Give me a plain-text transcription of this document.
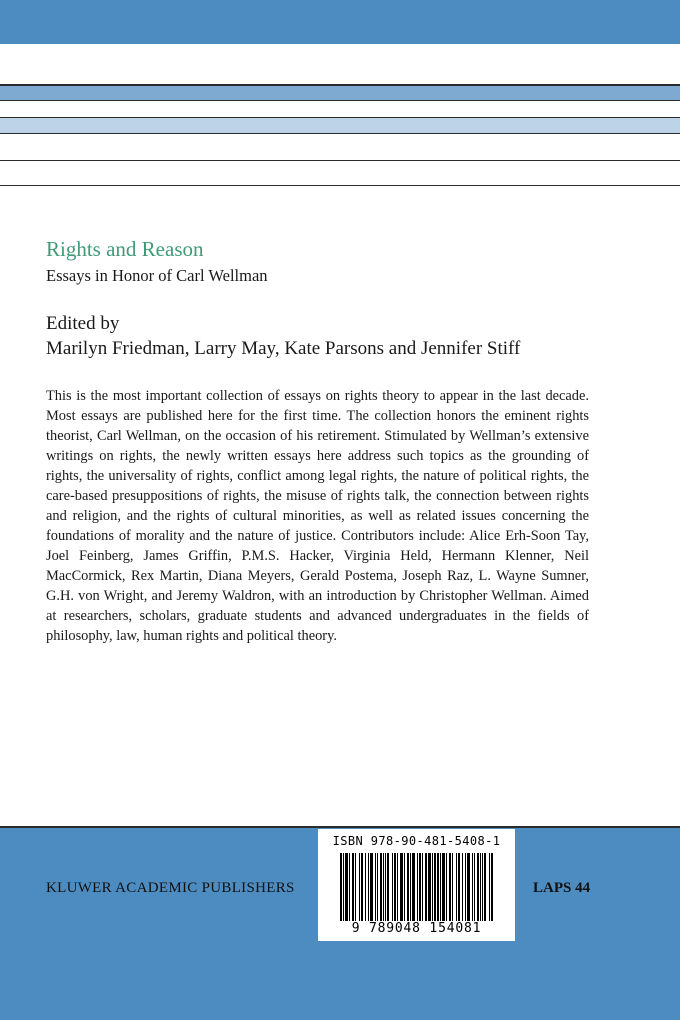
Rights and Reason
Essays in Honor of Carl Wellman
Edited by
Marilyn Friedman, Larry May, Kate Parsons and Jennifer Stiff

This is the most important collection of essays on rights theory to appear in the last decade. Most essays are published here for the first time. The collection honors the eminent rights theorist, Carl Wellman, on the occasion of his retirement. Stimulated by Wellman’s extensive writings on rights, the newly written essays here address such topics as the grounding of rights, the universality of rights, conflict among legal rights, the nature of political rights, the care-based presuppositions of rights, the misuse of rights talk, the connection between rights and religion, and the rights of cultural minorities, as well as related issues concerning the foundations of morality and the nature of justice. Contributors include: Alice Erh-Soon Tay, Joel Feinberg, James Griffin, P.M.S. Hacker, Virginia Held, Hermann Klenner, Neil MacCormick, Rex Martin, Diana Meyers, Gerald Postema, Joseph Raz, L. Wayne Sumner, G.H. von Wright, and Jeremy Waldron, with an introduction by Christopher Wellman. Aimed at researchers, scholars, graduate students and advanced undergraduates in the fields of philosophy, law, human rights and political theory.

KLUWER ACADEMIC PUBLISHERS	LAPS 44
ISBN 978-90-481-5408-1
9 789048 154081
